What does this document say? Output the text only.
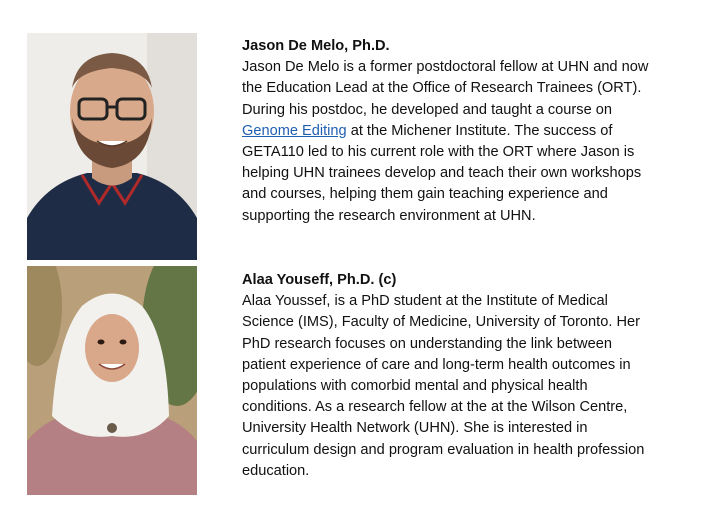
Jason De Melo, Ph.D.

Jason De Melo is a former postdoctoral fellow at UHN and now
the Education Lead at the Office of Research Trainees (ORT).
During his postdoc, he developed and taught a course on
Genome Editing at the Michener Institute. The success of
GETA110 led to his current role with the ORT where Jason is
helping UHN trainees develop and teach their own workshops
and courses, helping them gain teaching experience and
supporting the research environment at UHN.

Alaa Youseff, Ph.D. (c)

Alaa Youssef, is a PhD student at the Institute of Medical
Science (IMS), Faculty of Medicine, University of Toronto. Her
PhD research focuses on understanding the link between
patient experience of care and long-term health outcomes in
populations with comorbid mental and physical health
conditions. As a research fellow at the at the Wilson Centre,
University Health Network (UHN). She is interested in
curriculum design and program evaluation in health profession
education.
